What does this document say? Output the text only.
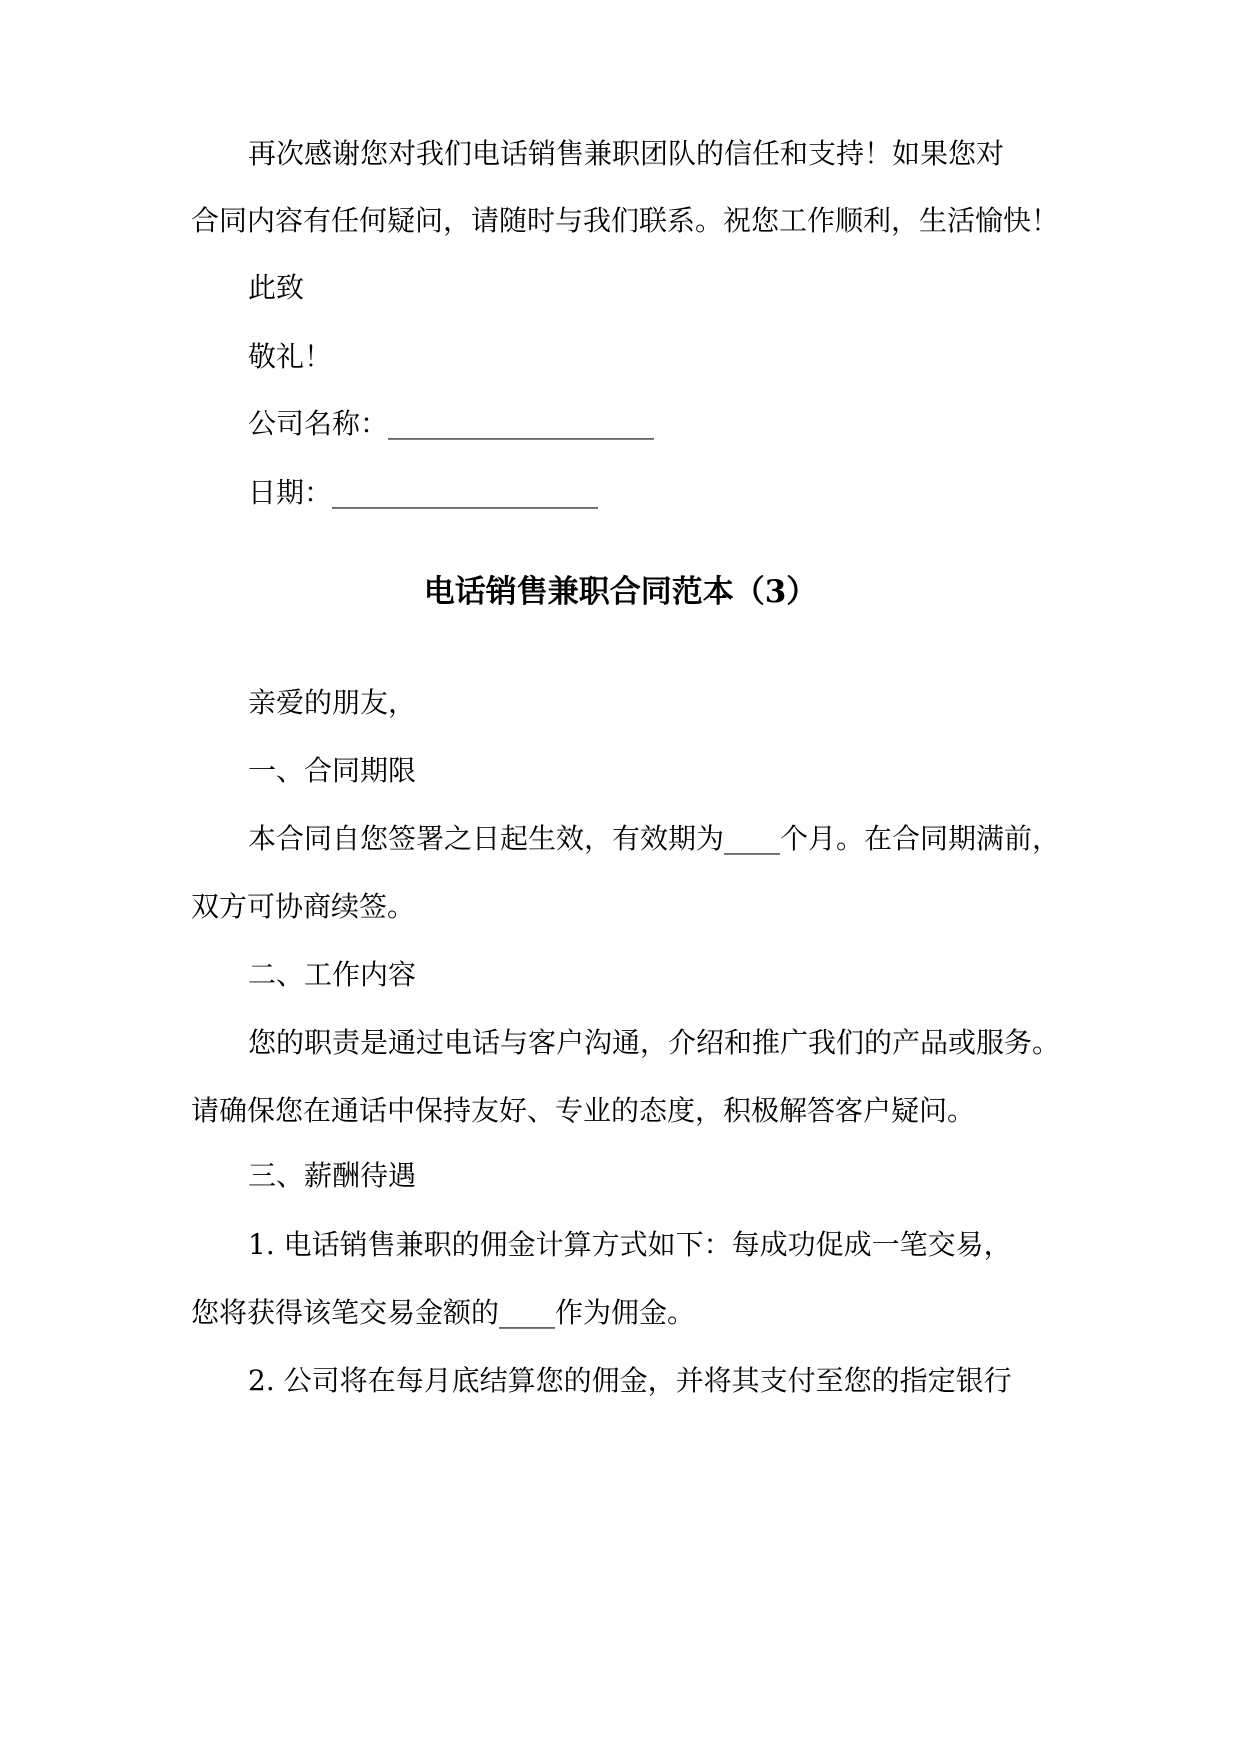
再次感谢您对我们电话销售兼职团队的信任和支持！如果您对
合同内容有任何疑问，请随时与我们联系。祝您工作顺利，生活愉快！
此致
敬礼！
公司名称：___________________
日期：___________________
电话销售兼职合同范本（3）
亲爱的朋友，
一、合同期限
本合同自您签署之日起生效，有效期为____个月。在合同期满前，
双方可协商续签。
二、工作内容
您的职责是通过电话与客户沟通，介绍和推广我们的产品或服务。
请确保您在通话中保持友好、专业的态度，积极解答客户疑问。
三、薪酬待遇
1. 电话销售兼职的佣金计算方式如下：每成功促成一笔交易，
您将获得该笔交易金额的____作为佣金。
2. 公司将在每月底结算您的佣金，并将其支付至您的指定银行
